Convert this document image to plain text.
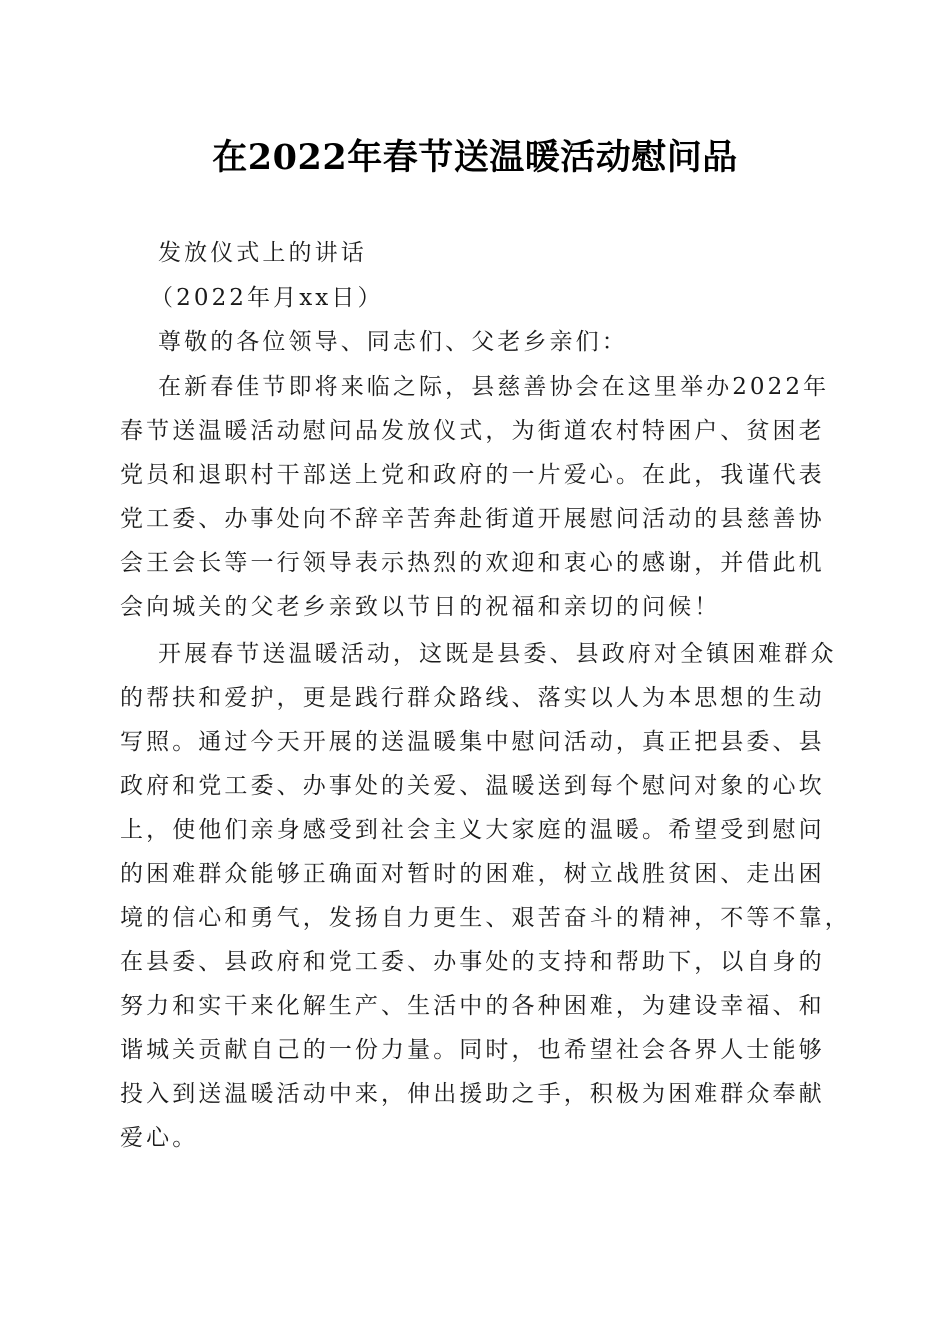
在2022年春节送温暖活动慰问品
发放仪式上的讲话
（2022年月xx日）
尊敬的各位领导、同志们、父老乡亲们：
在新春佳节即将来临之际，县慈善协会在这里举办2022年
春节送温暖活动慰问品发放仪式，为街道农村特困户、贫困老
党员和退职村干部送上党和政府的一片爱心。在此，我谨代表
党工委、办事处向不辞辛苦奔赴街道开展慰问活动的县慈善协
会王会长等一行领导表示热烈的欢迎和衷心的感谢，并借此机
会向城关的父老乡亲致以节日的祝福和亲切的问候！
开展春节送温暖活动，这既是县委、县政府对全镇困难群众
的帮扶和爱护，更是践行群众路线、落实以人为本思想的生动
写照。通过今天开展的送温暖集中慰问活动，真正把县委、县
政府和党工委、办事处的关爱、温暖送到每个慰问对象的心坎
上，使他们亲身感受到社会主义大家庭的温暖。希望受到慰问
的困难群众能够正确面对暂时的困难，树立战胜贫困、走出困
境的信心和勇气，发扬自力更生、艰苦奋斗的精神，不等不靠，
在县委、县政府和党工委、办事处的支持和帮助下，以自身的
努力和实干来化解生产、生活中的各种困难，为建设幸福、和
谐城关贡献自己的一份力量。同时，也希望社会各界人士能够
投入到送温暖活动中来，伸出援助之手，积极为困难群众奉献
爱心。
